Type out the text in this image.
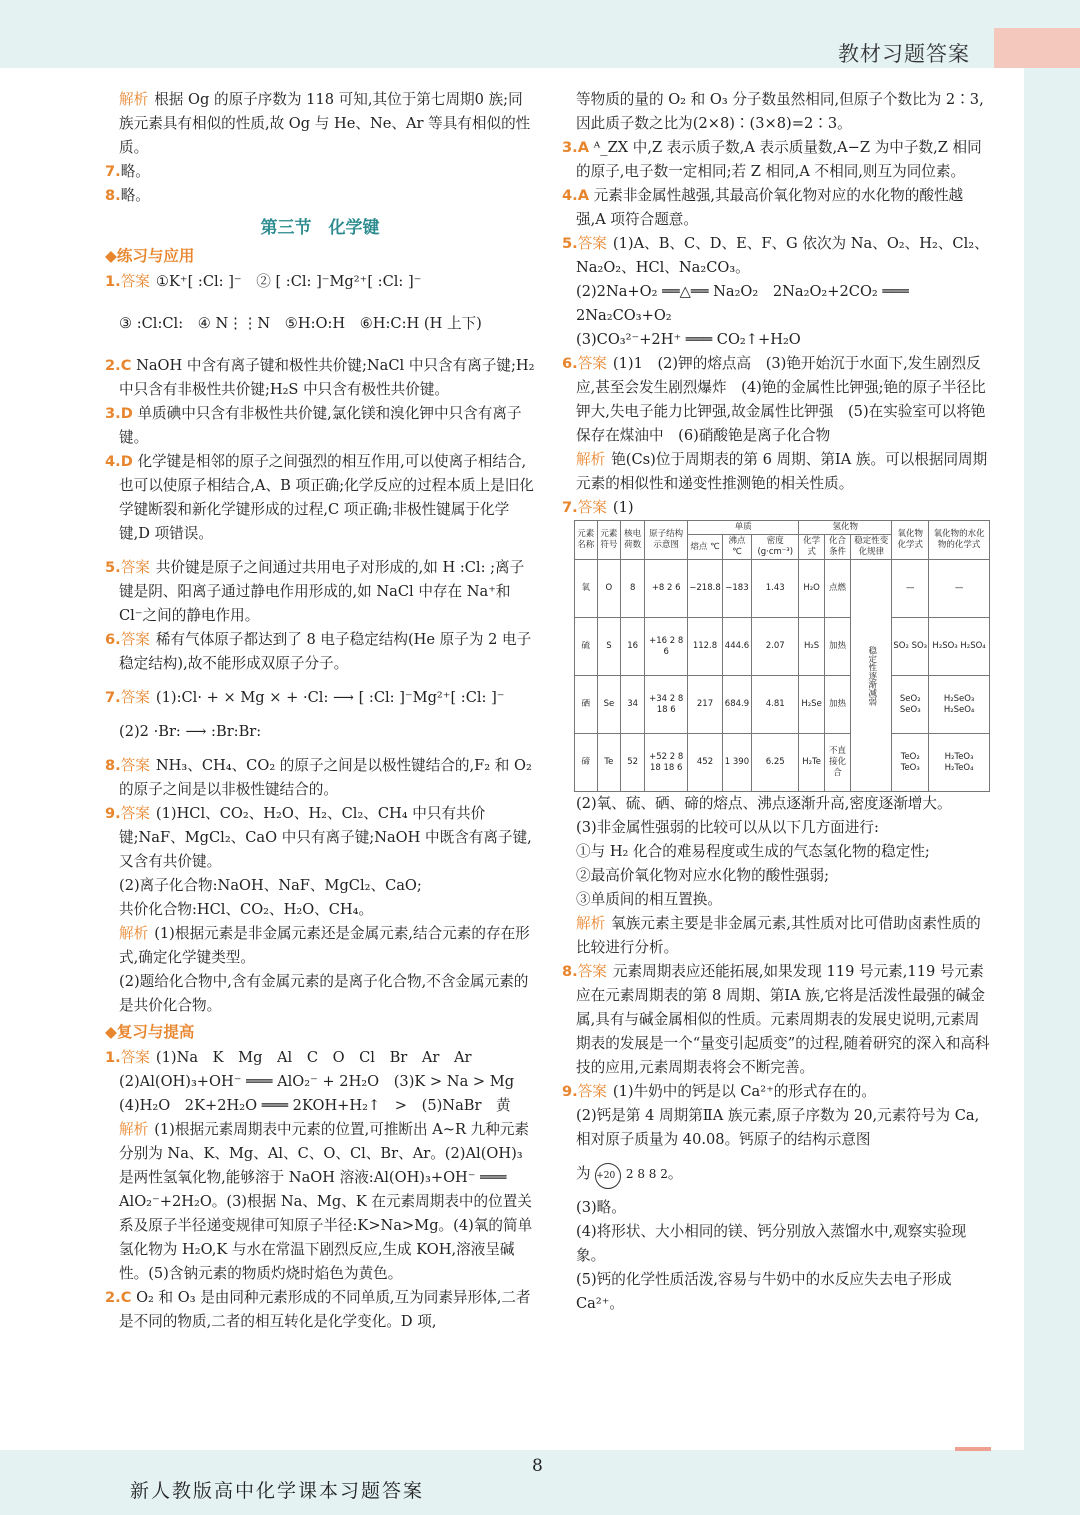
教材习题答案

解析 根据 Og 的原子序数为 118 可知,其位于第七周期0 族;同族元素具有相似的性质,故 Og 与 He、Ne、Ar 等具有相似的性质。

7.略。

8.略。

第三节　化学键
◆练习与应用

1.答案 ①K⁺[ :Cl: ]⁻　② [ :Cl: ]⁻Mg²⁺[ :Cl: ]⁻

③ :Cl:Cl:　④ N⋮⋮N　⑤H:O:H　⑥H:C:H (H 上下)

2.C NaOH 中含有离子键和极性共价键;NaCl 中只含有离子键;H₂ 中只含有非极性共价键;H₂S 中只含有极性共价键。

3.D 单质碘中只含有非极性共价键,氯化镁和溴化钾中只含有离子键。

4.D 化学键是相邻的原子之间强烈的相互作用,可以使离子相结合,也可以使原子相结合,A、B 项正确;化学反应的过程本质上是旧化学键断裂和新化学键形成的过程,C 项正确;非极性键属于化学键,D 项错误。

5.答案 共价键是原子之间通过共用电子对形成的,如 H :Cl: ;离子键是阴、阳离子通过静电作用形成的,如 NaCl 中存在 Na⁺和 Cl⁻之间的静电作用。

6.答案 稀有气体原子都达到了 8 电子稳定结构(He 原子为 2 电子稳定结构),故不能形成双原子分子。

7.答案 (1):Cl· + × Mg × + ·Cl: ⟶ [ :Cl: ]⁻Mg²⁺[ :Cl: ]⁻

(2)2 ·Br: ⟶ :Br:Br:

8.答案 NH₃、CH₄、CO₂ 的原子之间是以极性键结合的,F₂ 和 O₂ 的原子之间是以非极性键结合的。

9.答案 (1)HCl、CO₂、H₂O、H₂、Cl₂、CH₄ 中只有共价键;NaF、MgCl₂、CaO 中只有离子键;NaOH 中既含有离子键,又含有共价键。

(2)离子化合物:NaOH、NaF、MgCl₂、CaO;

共价化合物:HCl、CO₂、H₂O、CH₄。

解析 (1)根据元素是非金属元素还是金属元素,结合元素的存在形式,确定化学键类型。

(2)题给化合物中,含有金属元素的是离子化合物,不含金属元素的是共价化合物。

◆复习与提高

1.答案 (1)Na　K　Mg　Al　C　O　Cl　Br　Ar　Ar

(2)Al(OH)₃+OH⁻ ═══ AlO₂⁻ + 2H₂O　(3)K > Na > Mg

(4)H₂O　2K+2H₂O ═══ 2KOH+H₂↑　>　(5)NaBr　黄

解析 (1)根据元素周期表中元素的位置,可推断出 A~R 九种元素分别为 Na、K、Mg、Al、C、O、Cl、Br、Ar。(2)Al(OH)₃是两性氢氧化物,能够溶于 NaOH 溶液:Al(OH)₃+OH⁻ ═══ AlO₂⁻+2H₂O。(3)根据 Na、Mg、K 在元素周期表中的位置关系及原子半径递变规律可知原子半径:K>Na>Mg。(4)氧的简单氢化物为 H₂O,K 与水在常温下剧烈反应,生成 KOH,溶液呈碱性。(5)含钠元素的物质灼烧时焰色为黄色。

2.C O₂ 和 O₃ 是由同种元素形成的不同单质,互为同素异形体,二者是不同的物质,二者的相互转化是化学变化。D 项,

等物质的量的 O₂ 和 O₃ 分子数虽然相同,但原子个数比为 2∶3,因此质子数之比为(2×8)∶(3×8)=2∶3。

3.A ᴬ_ZX 中,Z 表示质子数,A 表示质量数,A−Z 为中子数,Z 相同的原子,电子数一定相同;若 Z 相同,A 不相同,则互为同位素。

4.A 元素非金属性越强,其最高价氧化物对应的水化物的酸性越强,A 项符合题意。

5.答案 (1)A、B、C、D、E、F、G 依次为 Na、O₂、H₂、Cl₂、Na₂O₂、HCl、Na₂CO₃。

(2)2Na+O₂ ══△══ Na₂O₂　2Na₂O₂+2CO₂ ═══ 2Na₂CO₃+O₂

(3)CO₃²⁻+2H⁺ ═══ CO₂↑+H₂O

6.答案 (1)1　(2)钾的熔点高　(3)铯开始沉于水面下,发生剧烈反应,甚至会发生剧烈爆炸　(4)铯的金属性比钾强;铯的原子半径比钾大,失电子能力比钾强,故金属性比钾强　(5)在实验室可以将铯保存在煤油中　(6)硝酸铯是离子化合物

解析 铯(Cs)位于周期表的第 6 周期、第ⅠA 族。可以根据同周期元素的相似性和递变性推测铯的相关性质。

7.答案 (1)

元素名称	元素符号	核电荷数	原子结构示意图	单质			氢化物			氧化物化学式	氧化物的水化物的化学式
				熔点 ℃	沸点 ℃	密度 (g·cm⁻³)	化学式	化合条件	稳定性变化规律		
氧	O	8	+8 2 6	−218.8	−183	1.43	H₂O	点燃	稳定性逐渐减弱	—	—
硫	S	16	+16 2 8 6	112.8	444.6	2.07	H₂S	加热		SO₂ SO₃	H₂SO₃ H₂SO₄
硒	Se	34	+34 2 8 18 6	217	684.9	4.81	H₂Se	加热		SeO₂ SeO₃	H₂SeO₃ H₂SeO₄
碲	Te	52	+52 2 8 18 18 6	452	1 390	6.25	H₂Te	不直接化合		TeO₂ TeO₃	H₂TeO₃ H₂TeO₄

(2)氧、硫、硒、碲的熔点、沸点逐渐升高,密度逐渐增大。

(3)非金属性强弱的比较可以从以下几方面进行:

①与 H₂ 化合的难易程度或生成的气态氢化物的稳定性;

②最高价氧化物对应水化物的酸性强弱;

③单质间的相互置换。

解析 氧族元素主要是非金属元素,其性质对比可借助卤素性质的比较进行分析。

8.答案 元素周期表应还能拓展,如果发现 119 号元素,119 号元素应在元素周期表的第 8 周期、第ⅠA 族,它将是活泼性最强的碱金属,具有与碱金属相似的性质。元素周期表的发展史说明,元素周期表的发展是一个“量变引起质变”的过程,随着研究的深入和高科技的应用,元素周期表将会不断完善。

9.答案 (1)牛奶中的钙是以 Ca²⁺的形式存在的。

(2)钙是第 4 周期第ⅡA 族元素,原子序数为 20,元素符号为 Ca,相对原子质量为 40.08。钙原子的结构示意图

为 +20 2 8 8 2。

(3)略。

(4)将形状、大小相同的镁、钙分别放入蒸馏水中,观察实验现象。

(5)钙的化学性质活泼,容易与牛奶中的水反应失去电子形成 Ca²⁺。

8
新人教版高中化学课本习题答案
